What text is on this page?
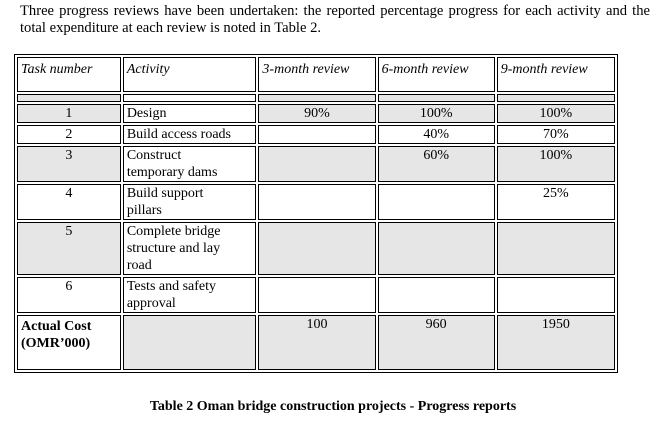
Three progress reviews have been undertaken: the reported percentage progress for each activity and the total expenditure at each review is noted in Table 2.

Task number	Activity	3-month review	6-month review	9-month review

1	Design	90%	100%	100%
2	Build access roads		40%	70%
3	Construct
temporary dams		60%	100%
4	Build support
pillars			25%
5	Complete bridge
structure and lay
road			
6	Tests and safety
approval			
Actual Cost
(OMR’000)		100	960	1950
Table 2 Oman bridge construction projects - Progress reports
